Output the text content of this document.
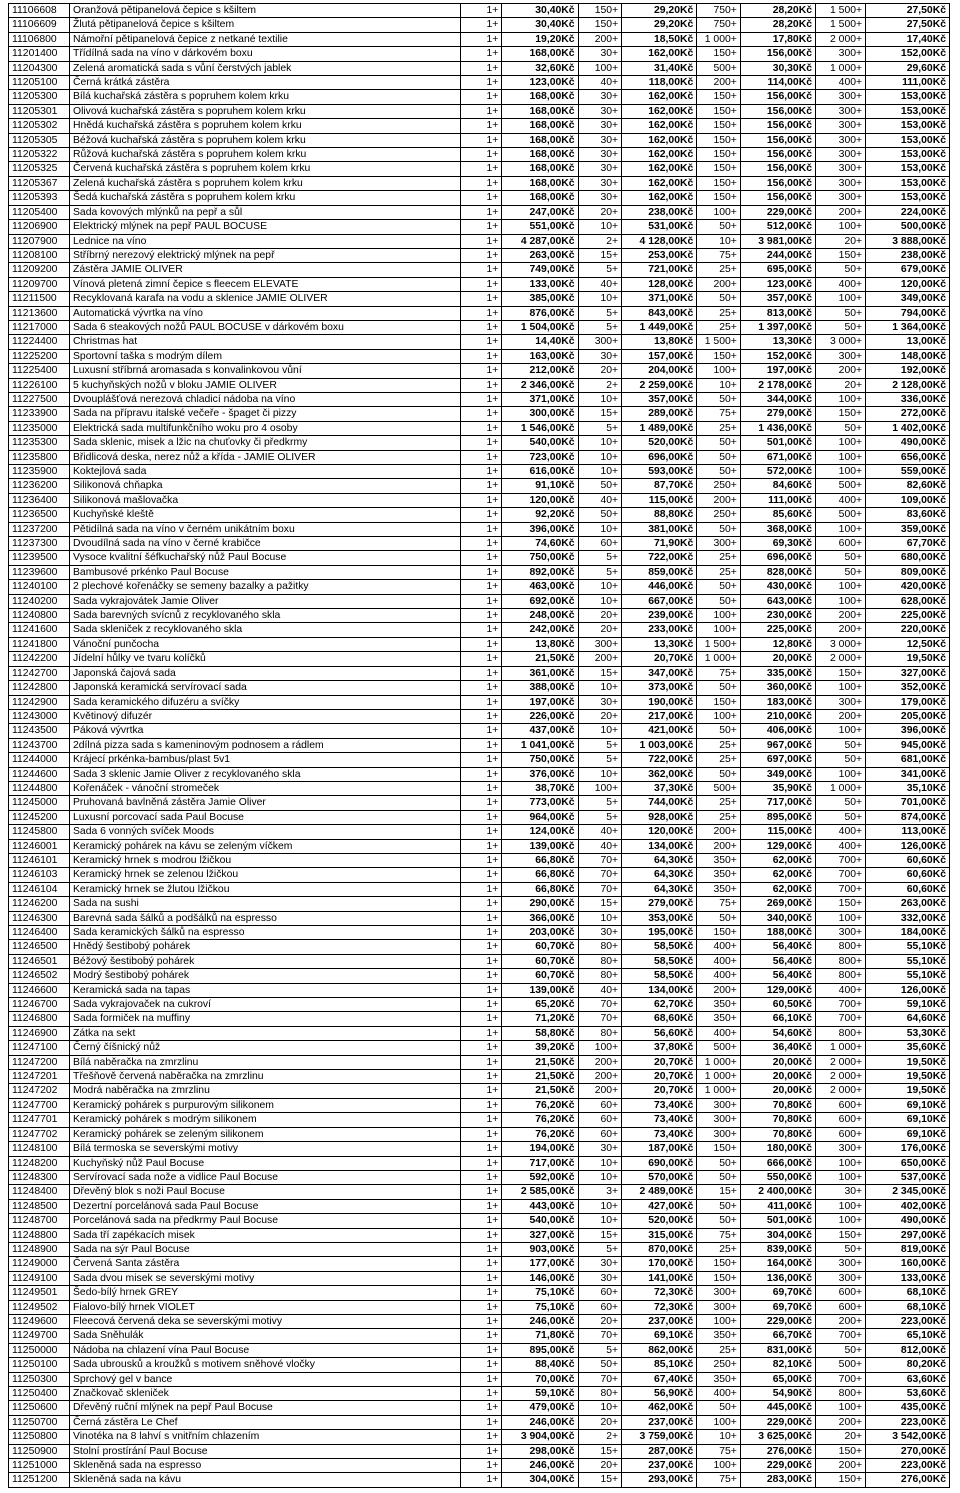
11106608	Oranžová pětipanelová čepice s kšiltem	1+	30,40Kč	150+	29,20Kč	750+	28,20Kč	1 500+	27,50Kč
11106609	Žlutá pětipanelová čepice s kšiltem	1+	30,40Kč	150+	29,20Kč	750+	28,20Kč	1 500+	27,50Kč
11106800	Námořní pětipanelová čepice z netkané textilie	1+	19,20Kč	200+	18,50Kč	1 000+	17,80Kč	2 000+	17,40Kč
11201400	Třídílná sada na víno v dárkovém boxu	1+	168,00Kč	30+	162,00Kč	150+	156,00Kč	300+	152,00Kč
11204300	Zelená aromatická sada s vůní čerstvých jablek	1+	32,60Kč	100+	31,40Kč	500+	30,30Kč	1 000+	29,60Kč
11205100	Černá krátká zástěra	1+	123,00Kč	40+	118,00Kč	200+	114,00Kč	400+	111,00Kč
11205300	Bílá kuchařská zástěra s popruhem kolem krku	1+	168,00Kč	30+	162,00Kč	150+	156,00Kč	300+	153,00Kč
11205301	Olivová kuchařská zástěra s popruhem kolem krku	1+	168,00Kč	30+	162,00Kč	150+	156,00Kč	300+	153,00Kč
11205302	Hnědá kuchařská zástěra s popruhem kolem krku	1+	168,00Kč	30+	162,00Kč	150+	156,00Kč	300+	153,00Kč
11205305	Béžová kuchařská zástěra s popruhem kolem krku	1+	168,00Kč	30+	162,00Kč	150+	156,00Kč	300+	153,00Kč
11205322	Růžová kuchařská zástěra s popruhem kolem krku	1+	168,00Kč	30+	162,00Kč	150+	156,00Kč	300+	153,00Kč
11205325	Červená kuchařská zástěra s popruhem kolem krku	1+	168,00Kč	30+	162,00Kč	150+	156,00Kč	300+	153,00Kč
11205367	Zelená kuchařská zástěra s popruhem kolem krku	1+	168,00Kč	30+	162,00Kč	150+	156,00Kč	300+	153,00Kč
11205393	Šedá kuchařská zástěra s popruhem kolem krku	1+	168,00Kč	30+	162,00Kč	150+	156,00Kč	300+	153,00Kč
11205400	Sada kovových mlýnků na pepř a sůl	1+	247,00Kč	20+	238,00Kč	100+	229,00Kč	200+	224,00Kč
11206900	Elektrický mlýnek na pepř PAUL BOCUSE	1+	551,00Kč	10+	531,00Kč	50+	512,00Kč	100+	500,00Kč
11207900	Lednice na víno	1+	4 287,00Kč	2+	4 128,00Kč	10+	3 981,00Kč	20+	3 888,00Kč
11208100	Stříbrný nerezový elektrický mlýnek na pepř	1+	263,00Kč	15+	253,00Kč	75+	244,00Kč	150+	238,00Kč
11209200	Zástěra JAMIE OLIVER	1+	749,00Kč	5+	721,00Kč	25+	695,00Kč	50+	679,00Kč
11209700	Vínová pletená zimní čepice s fleecem ELEVATE	1+	133,00Kč	40+	128,00Kč	200+	123,00Kč	400+	120,00Kč
11211500	Recyklovaná karafa na vodu a sklenice JAMIE OLIVER	1+	385,00Kč	10+	371,00Kč	50+	357,00Kč	100+	349,00Kč
11213600	Automatická vývrtka na víno	1+	876,00Kč	5+	843,00Kč	25+	813,00Kč	50+	794,00Kč
11217000	Sada 6 steakových nožů PAUL BOCUSE v dárkovém boxu	1+	1 504,00Kč	5+	1 449,00Kč	25+	1 397,00Kč	50+	1 364,00Kč
11224400	Christmas hat	1+	14,40Kč	300+	13,80Kč	1 500+	13,30Kč	3 000+	13,00Kč
11225200	Sportovní taška s modrým dílem	1+	163,00Kč	30+	157,00Kč	150+	152,00Kč	300+	148,00Kč
11225400	Luxusní stříbrná aromasada s konvalinkovou vůní	1+	212,00Kč	20+	204,00Kč	100+	197,00Kč	200+	192,00Kč
11226100	5 kuchyňských nožů v bloku JAMIE OLIVER	1+	2 346,00Kč	2+	2 259,00Kč	10+	2 178,00Kč	20+	2 128,00Kč
11227500	Dvouplášťová nerezová chladicí nádoba na víno	1+	371,00Kč	10+	357,00Kč	50+	344,00Kč	100+	336,00Kč
11233900	Sada na přípravu italské večeře - špaget či pizzy	1+	300,00Kč	15+	289,00Kč	75+	279,00Kč	150+	272,00Kč
11235000	Elektrická sada multifunkčního woku pro 4 osoby	1+	1 546,00Kč	5+	1 489,00Kč	25+	1 436,00Kč	50+	1 402,00Kč
11235300	Sada sklenic, misek a lžic na chuťovky či předkrmy	1+	540,00Kč	10+	520,00Kč	50+	501,00Kč	100+	490,00Kč
11235800	Břidlicová deska, nerez nůž a křída - JAMIE OLIVER	1+	723,00Kč	10+	696,00Kč	50+	671,00Kč	100+	656,00Kč
11235900	Koktejlová sada	1+	616,00Kč	10+	593,00Kč	50+	572,00Kč	100+	559,00Kč
11236200	Silikonová chňapka	1+	91,10Kč	50+	87,70Kč	250+	84,60Kč	500+	82,60Kč
11236400	Silikonová mašlovačka	1+	120,00Kč	40+	115,00Kč	200+	111,00Kč	400+	109,00Kč
11236500	Kuchyňské kleště	1+	92,20Kč	50+	88,80Kč	250+	85,60Kč	500+	83,60Kč
11237200	Pětidílná sada na víno v černém unikátním boxu	1+	396,00Kč	10+	381,00Kč	50+	368,00Kč	100+	359,00Kč
11237300	Dvoudílná sada na víno v černé krabičce	1+	74,60Kč	60+	71,90Kč	300+	69,30Kč	600+	67,70Kč
11239500	Vysoce kvalitní šéfkuchařský nůž Paul Bocuse	1+	750,00Kč	5+	722,00Kč	25+	696,00Kč	50+	680,00Kč
11239600	Bambusové prkénko Paul Bocuse	1+	892,00Kč	5+	859,00Kč	25+	828,00Kč	50+	809,00Kč
11240100	2 plechové kořenáčky se semeny bazalky a pažitky	1+	463,00Kč	10+	446,00Kč	50+	430,00Kč	100+	420,00Kč
11240200	Sada vykrajovátek Jamie Oliver	1+	692,00Kč	10+	667,00Kč	50+	643,00Kč	100+	628,00Kč
11240800	Sada barevných svícnů z recyklovaného skla	1+	248,00Kč	20+	239,00Kč	100+	230,00Kč	200+	225,00Kč
11241600	Sada skleniček z recyklovaného skla	1+	242,00Kč	20+	233,00Kč	100+	225,00Kč	200+	220,00Kč
11241800	Vánoční punčocha	1+	13,80Kč	300+	13,30Kč	1 500+	12,80Kč	3 000+	12,50Kč
11242200	Jídelní hůlky ve tvaru kolíčků	1+	21,50Kč	200+	20,70Kč	1 000+	20,00Kč	2 000+	19,50Kč
11242700	Japonská čajová sada	1+	361,00Kč	15+	347,00Kč	75+	335,00Kč	150+	327,00Kč
11242800	Japonská keramická servírovací sada	1+	388,00Kč	10+	373,00Kč	50+	360,00Kč	100+	352,00Kč
11242900	Sada keramického difuzéru a svíčky	1+	197,00Kč	30+	190,00Kč	150+	183,00Kč	300+	179,00Kč
11243000	Květinový difuzér	1+	226,00Kč	20+	217,00Kč	100+	210,00Kč	200+	205,00Kč
11243500	Páková vývrtka	1+	437,00Kč	10+	421,00Kč	50+	406,00Kč	100+	396,00Kč
11243700	2dílná pizza sada s kameninovým podnosem a rádlem	1+	1 041,00Kč	5+	1 003,00Kč	25+	967,00Kč	50+	945,00Kč
11244000	Krájecí prkénka-bambus/plast 5v1	1+	750,00Kč	5+	722,00Kč	25+	697,00Kč	50+	681,00Kč
11244600	Sada 3 sklenic Jamie Oliver z recyklovaného skla	1+	376,00Kč	10+	362,00Kč	50+	349,00Kč	100+	341,00Kč
11244800	Kořenáček - vánoční stromeček	1+	38,70Kč	100+	37,30Kč	500+	35,90Kč	1 000+	35,10Kč
11245000	Pruhovaná bavlněná zástěra Jamie Oliver	1+	773,00Kč	5+	744,00Kč	25+	717,00Kč	50+	701,00Kč
11245200	Luxusní porcovací sada Paul Bocuse	1+	964,00Kč	5+	928,00Kč	25+	895,00Kč	50+	874,00Kč
11245800	Sada 6 vonných svíček Moods	1+	124,00Kč	40+	120,00Kč	200+	115,00Kč	400+	113,00Kč
11246001	Keramický pohárek na kávu se zeleným víčkem	1+	139,00Kč	40+	134,00Kč	200+	129,00Kč	400+	126,00Kč
11246101	Keramický hrnek s modrou lžičkou	1+	66,80Kč	70+	64,30Kč	350+	62,00Kč	700+	60,60Kč
11246103	Keramický hrnek se zelenou lžičkou	1+	66,80Kč	70+	64,30Kč	350+	62,00Kč	700+	60,60Kč
11246104	Keramický hrnek se žlutou lžičkou	1+	66,80Kč	70+	64,30Kč	350+	62,00Kč	700+	60,60Kč
11246200	Sada na sushi	1+	290,00Kč	15+	279,00Kč	75+	269,00Kč	150+	263,00Kč
11246300	Barevná sada šálků a podšálků na espresso	1+	366,00Kč	10+	353,00Kč	50+	340,00Kč	100+	332,00Kč
11246400	Sada keramických šálků na espresso	1+	203,00Kč	30+	195,00Kč	150+	188,00Kč	300+	184,00Kč
11246500	Hnědý šestibobý pohárek	1+	60,70Kč	80+	58,50Kč	400+	56,40Kč	800+	55,10Kč
11246501	Béžový šestibobý pohárek	1+	60,70Kč	80+	58,50Kč	400+	56,40Kč	800+	55,10Kč
11246502	Modrý šestibobý pohárek	1+	60,70Kč	80+	58,50Kč	400+	56,40Kč	800+	55,10Kč
11246600	Keramická sada na tapas	1+	139,00Kč	40+	134,00Kč	200+	129,00Kč	400+	126,00Kč
11246700	Sada vykrajovaček na cukroví	1+	65,20Kč	70+	62,70Kč	350+	60,50Kč	700+	59,10Kč
11246800	Sada formiček na muffiny	1+	71,20Kč	70+	68,60Kč	350+	66,10Kč	700+	64,60Kč
11246900	Zátka na sekt	1+	58,80Kč	80+	56,60Kč	400+	54,60Kč	800+	53,30Kč
11247100	Černý číšnický nůž	1+	39,20Kč	100+	37,80Kč	500+	36,40Kč	1 000+	35,60Kč
11247200	Bílá naběračka na zmrzlinu	1+	21,50Kč	200+	20,70Kč	1 000+	20,00Kč	2 000+	19,50Kč
11247201	Třešňově červená naběračka na zmrzlinu	1+	21,50Kč	200+	20,70Kč	1 000+	20,00Kč	2 000+	19,50Kč
11247202	Modrá naběračka na zmrzlinu	1+	21,50Kč	200+	20,70Kč	1 000+	20,00Kč	2 000+	19,50Kč
11247700	Keramický pohárek s purpurovým silikonem	1+	76,20Kč	60+	73,40Kč	300+	70,80Kč	600+	69,10Kč
11247701	Keramický pohárek s modrým silikonem	1+	76,20Kč	60+	73,40Kč	300+	70,80Kč	600+	69,10Kč
11247702	Keramický pohárek se zeleným silikonem	1+	76,20Kč	60+	73,40Kč	300+	70,80Kč	600+	69,10Kč
11248100	Bílá termoska se severskými motivy	1+	194,00Kč	30+	187,00Kč	150+	180,00Kč	300+	176,00Kč
11248200	Kuchyňský nůž Paul Bocuse	1+	717,00Kč	10+	690,00Kč	50+	666,00Kč	100+	650,00Kč
11248300	Servírovací sada nože a vidlice Paul Bocuse	1+	592,00Kč	10+	570,00Kč	50+	550,00Kč	100+	537,00Kč
11248400	Dřevěný blok s noži Paul Bocuse	1+	2 585,00Kč	3+	2 489,00Kč	15+	2 400,00Kč	30+	2 345,00Kč
11248500	Dezertní porcelánová sada Paul Bocuse	1+	443,00Kč	10+	427,00Kč	50+	411,00Kč	100+	402,00Kč
11248700	Porcelánová sada na předkrmy Paul Bocuse	1+	540,00Kč	10+	520,00Kč	50+	501,00Kč	100+	490,00Kč
11248800	Sada tří zapékacích misek	1+	327,00Kč	15+	315,00Kč	75+	304,00Kč	150+	297,00Kč
11248900	Sada na sýr Paul Bocuse	1+	903,00Kč	5+	870,00Kč	25+	839,00Kč	50+	819,00Kč
11249000	Červená Santa zástěra	1+	177,00Kč	30+	170,00Kč	150+	164,00Kč	300+	160,00Kč
11249100	Sada dvou misek se severskými motivy	1+	146,00Kč	30+	141,00Kč	150+	136,00Kč	300+	133,00Kč
11249501	Šedo-bílý hrnek GREY	1+	75,10Kč	60+	72,30Kč	300+	69,70Kč	600+	68,10Kč
11249502	Fialovo-bílý hrnek VIOLET	1+	75,10Kč	60+	72,30Kč	300+	69,70Kč	600+	68,10Kč
11249600	Fleecová červená deka se severskými motivy	1+	246,00Kč	20+	237,00Kč	100+	229,00Kč	200+	223,00Kč
11249700	Sada Sněhulák	1+	71,80Kč	70+	69,10Kč	350+	66,70Kč	700+	65,10Kč
11250000	Nádoba na chlazení vína Paul Bocuse	1+	895,00Kč	5+	862,00Kč	25+	831,00Kč	50+	812,00Kč
11250100	Sada ubrousků a kroužků s motivem sněhové vločky	1+	88,40Kč	50+	85,10Kč	250+	82,10Kč	500+	80,20Kč
11250300	Sprchový gel v bance	1+	70,00Kč	70+	67,40Kč	350+	65,00Kč	700+	63,60Kč
11250400	Značkovač skleniček	1+	59,10Kč	80+	56,90Kč	400+	54,90Kč	800+	53,60Kč
11250600	Dřevěný ruční mlýnek na pepř Paul Bocuse	1+	479,00Kč	10+	462,00Kč	50+	445,00Kč	100+	435,00Kč
11250700	Černá zástěra Le Chef	1+	246,00Kč	20+	237,00Kč	100+	229,00Kč	200+	223,00Kč
11250800	Vinotéka na 8 lahví s vnitřním chlazením	1+	3 904,00Kč	2+	3 759,00Kč	10+	3 625,00Kč	20+	3 542,00Kč
11250900	Stolní prostírání Paul Bocuse	1+	298,00Kč	15+	287,00Kč	75+	276,00Kč	150+	270,00Kč
11251000	Skleněná sada na espresso	1+	246,00Kč	20+	237,00Kč	100+	229,00Kč	200+	223,00Kč
11251200	Skleněná sada na kávu	1+	304,00Kč	15+	293,00Kč	75+	283,00Kč	150+	276,00Kč
